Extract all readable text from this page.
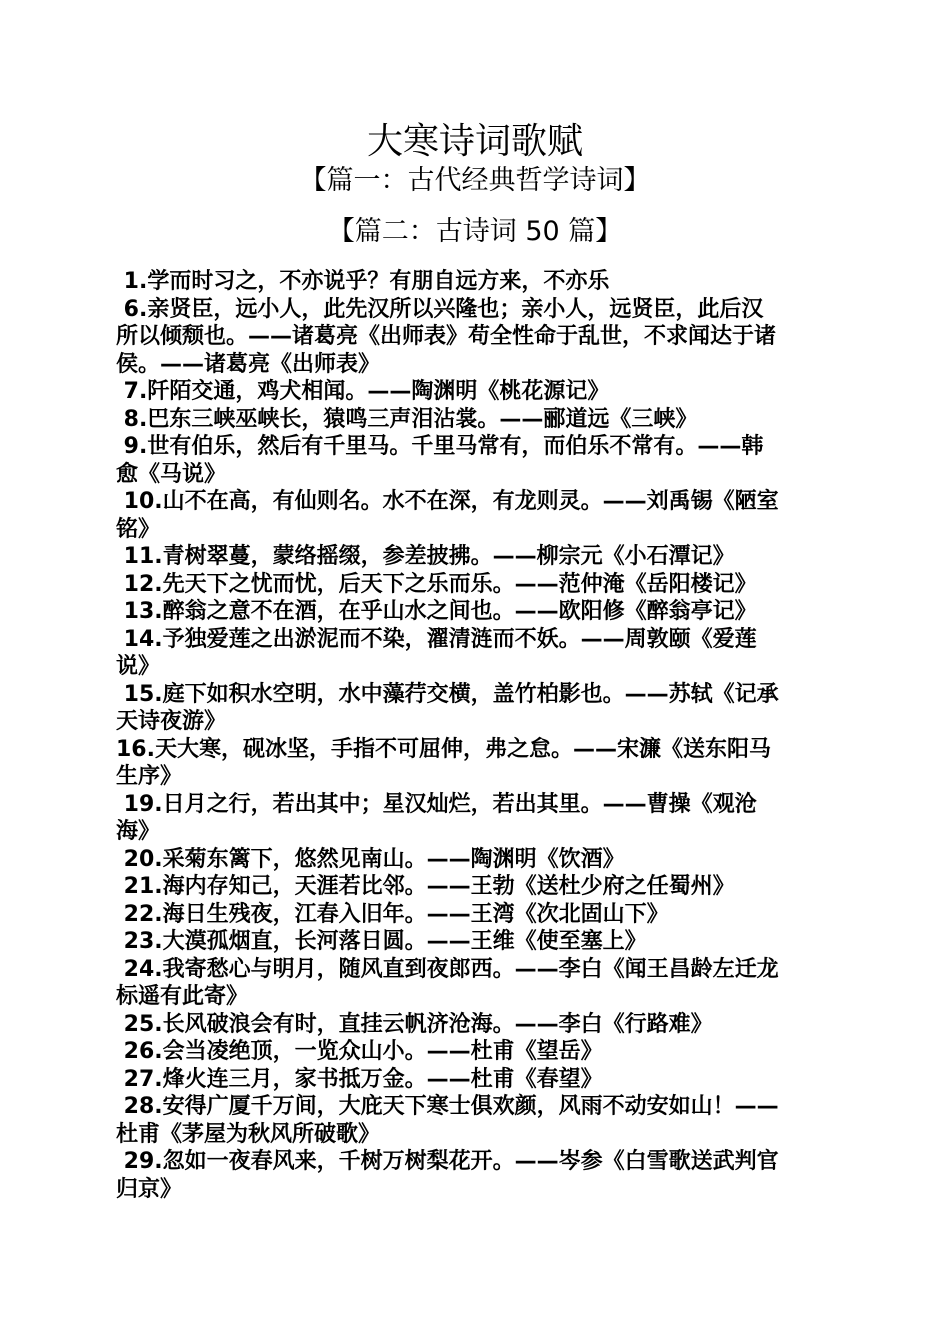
大寒诗词歌赋
【篇一：古代经典哲学诗词】
【篇二：古诗词 50 篇】
1.学而时习之，不亦说乎？有朋自远方来，不亦乐
6.亲贤臣，远小人，此先汉所以兴隆也；亲小人，远贤臣，此后汉
所以倾颓也。——诸葛亮《出师表》苟全性命于乱世，不求闻达于诸
侯。——诸葛亮《出师表》
7.阡陌交通，鸡犬相闻。——陶渊明《桃花源记》
8.巴东三峡巫峡长，猿鸣三声泪沾裳。——郦道远《三峡》
9.世有伯乐，然后有千里马。千里马常有，而伯乐不常有。——韩
愈《马说》
10.山不在高，有仙则名。水不在深，有龙则灵。——刘禹锡《陋室
铭》
11.青树翠蔓，蒙络摇缀，参差披拂。——柳宗元《小石潭记》
12.先天下之忧而忧，后天下之乐而乐。——范仲淹《岳阳楼记》
13.醉翁之意不在酒，在乎山水之间也。——欧阳修《醉翁亭记》
14.予独爱莲之出淤泥而不染，濯清涟而不妖。——周敦颐《爱莲
说》
15.庭下如积水空明，水中藻荇交横，盖竹柏影也。——苏轼《记承
天诗夜游》
16.天大寒，砚冰坚，手指不可屈伸，弗之怠。——宋濂《送东阳马
生序》
19.日月之行，若出其中；星汉灿烂，若出其里。——曹操《观沧
海》
20.采菊东篱下，悠然见南山。——陶渊明《饮酒》
21.海内存知己，天涯若比邻。——王勃《送杜少府之任蜀州》
22.海日生残夜，江春入旧年。——王湾《次北固山下》
23.大漠孤烟直，长河落日圆。——王维《使至塞上》
24.我寄愁心与明月，随风直到夜郎西。——李白《闻王昌龄左迁龙
标遥有此寄》
25.长风破浪会有时，直挂云帆济沧海。——李白《行路难》
26.会当凌绝顶，一览众山小。——杜甫《望岳》
27.烽火连三月，家书抵万金。——杜甫《春望》
28.安得广厦千万间，大庇天下寒士俱欢颜，风雨不动安如山！——
杜甫《茅屋为秋风所破歌》
29.忽如一夜春风来，千树万树梨花开。——岑参《白雪歌送武判官
归京》
